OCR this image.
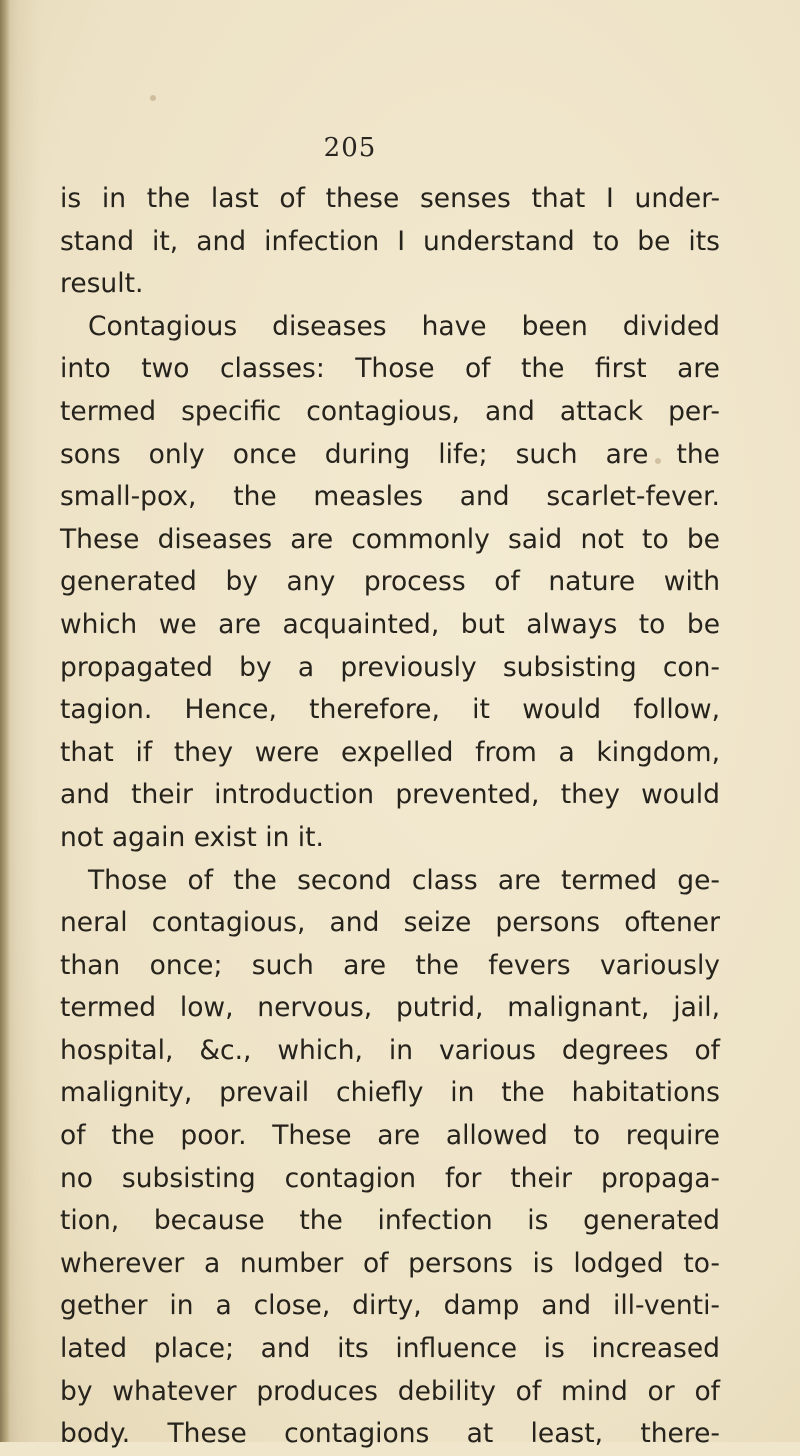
205
is in the last of these senses that I under-
stand it, and infection I understand to be its
result.
Contagious diseases have been divided
into two classes: Those of the first are
termed specific contagious, and attack per-
sons only once during life; such are the
small-pox, the measles and scarlet-fever.
These diseases are commonly said not to be
generated by any process of nature with
which we are acquainted, but always to be
propagated by a previously subsisting con-
tagion. Hence, therefore, it would follow,
that if they were expelled from a kingdom,
and their introduction prevented, they would
not again exist in it.
Those of the second class are termed ge-
neral contagious, and seize persons oftener
than once; such are the fevers variously
termed low, nervous, putrid, malignant, jail,
hospital, &c., which, in various degrees of
malignity, prevail chiefly in the habitations
of the poor. These are allowed to require
no subsisting contagion for their propaga-
tion, because the infection is generated
wherever a number of persons is lodged to-
gether in a close, dirty, damp and ill-venti-
lated place; and its influence is increased
by whatever produces debility of mind or of
body. These contagions at least, there-
